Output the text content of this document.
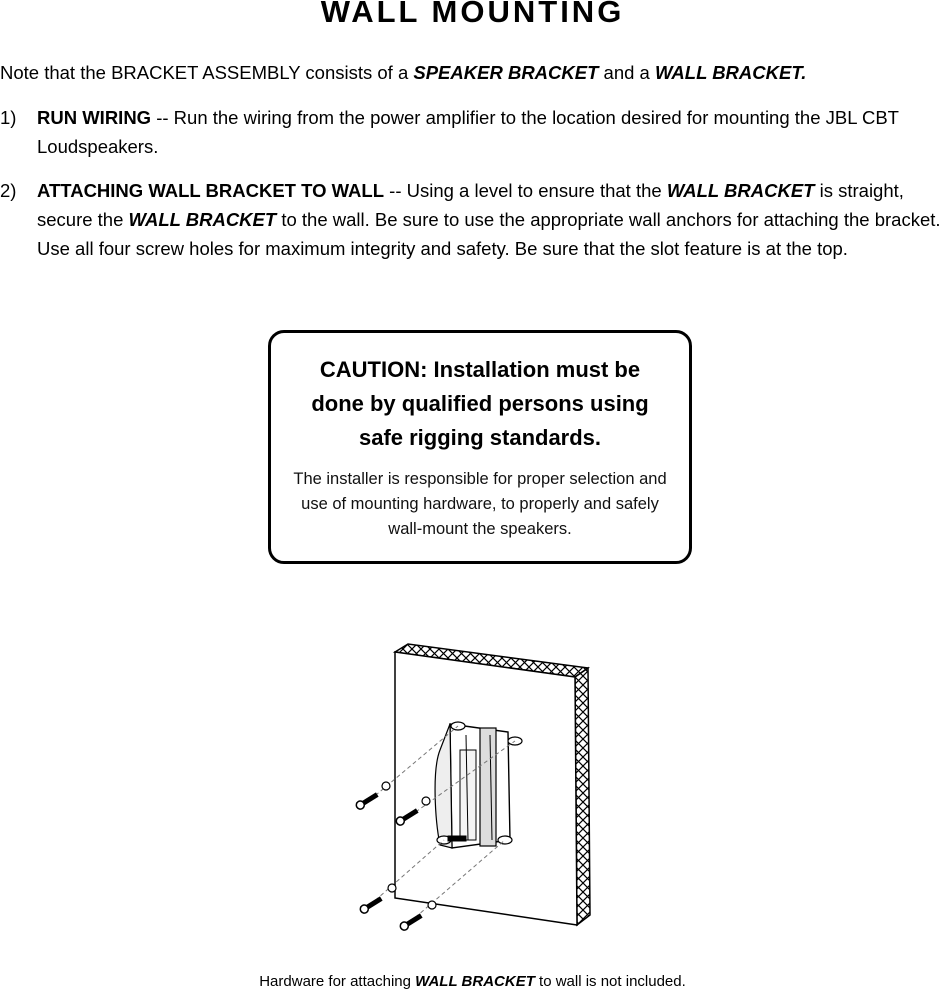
WALL MOUNTING
Note that the BRACKET ASSEMBLY consists of a SPEAKER BRACKET and a WALL BRACKET.
1) RUN WIRING -- Run the wiring from the power amplifier to the location desired for mounting the JBL CBT Loudspeakers.
2) ATTACHING WALL BRACKET TO WALL -- Using a level to ensure that the WALL BRACKET is straight, secure the WALL BRACKET to the wall. Be sure to use the appropriate wall anchors for attaching the bracket. Use all four screw holes for maximum integrity and safety. Be sure that the slot feature is at the top.
CAUTION: Installation must be done by qualified persons using safe rigging standards.
The installer is responsible for proper selection and use of mounting hardware, to properly and safely wall-mount the speakers.
Hardware for attaching WALL BRACKET to wall is not included.
